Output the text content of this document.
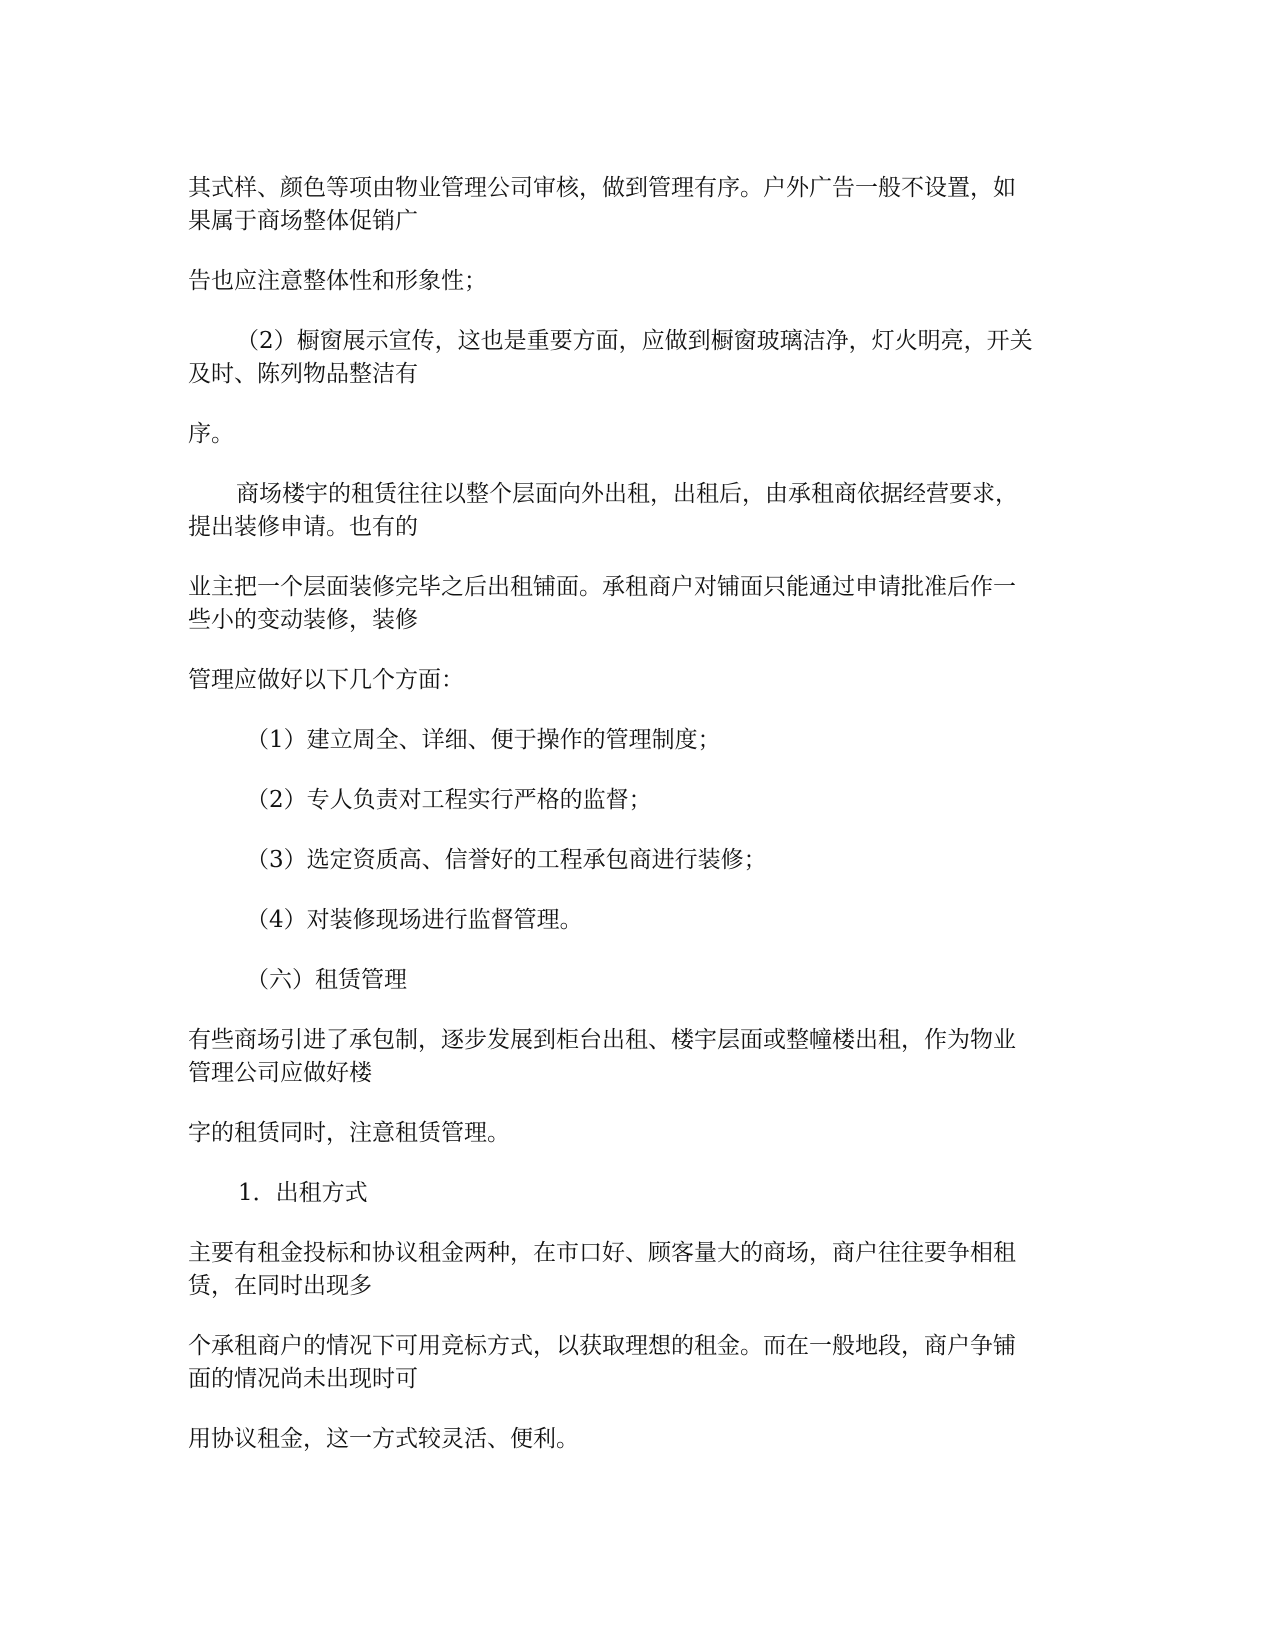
其式样、颜色等项由物业管理公司审核，做到管理有序。户外广告一般不设置，如
果属于商场整体促销广

告也应注意整体性和形象性；

（2）橱窗展示宣传，这也是重要方面，应做到橱窗玻璃洁净，灯火明亮，开关
及时、陈列物品整洁有

序。

商场楼宇的租赁往往以整个层面向外出租，出租后，由承租商依据经营要求，
提出装修申请。也有的

业主把一个层面装修完毕之后出租铺面。承租商户对铺面只能通过申请批准后作一
些小的变动装修，装修

管理应做好以下几个方面：

（1）建立周全、详细、便于操作的管理制度；

（2）专人负责对工程实行严格的监督；

（3）选定资质高、信誉好的工程承包商进行装修；

（4）对装修现场进行监督管理。

（六）租赁管理

有些商场引进了承包制，逐步发展到柜台出租、楼宇层面或整幢楼出租，作为物业
管理公司应做好楼

字的租赁同时，注意租赁管理。

1．出租方式

主要有租金投标和协议租金两种，在市口好、顾客量大的商场，商户往往要争相租
赁，在同时出现多

个承租商户的情况下可用竞标方式，以获取理想的租金。而在一般地段，商户争铺
面的情况尚未出现时可

用协议租金，这一方式较灵活、便利。
